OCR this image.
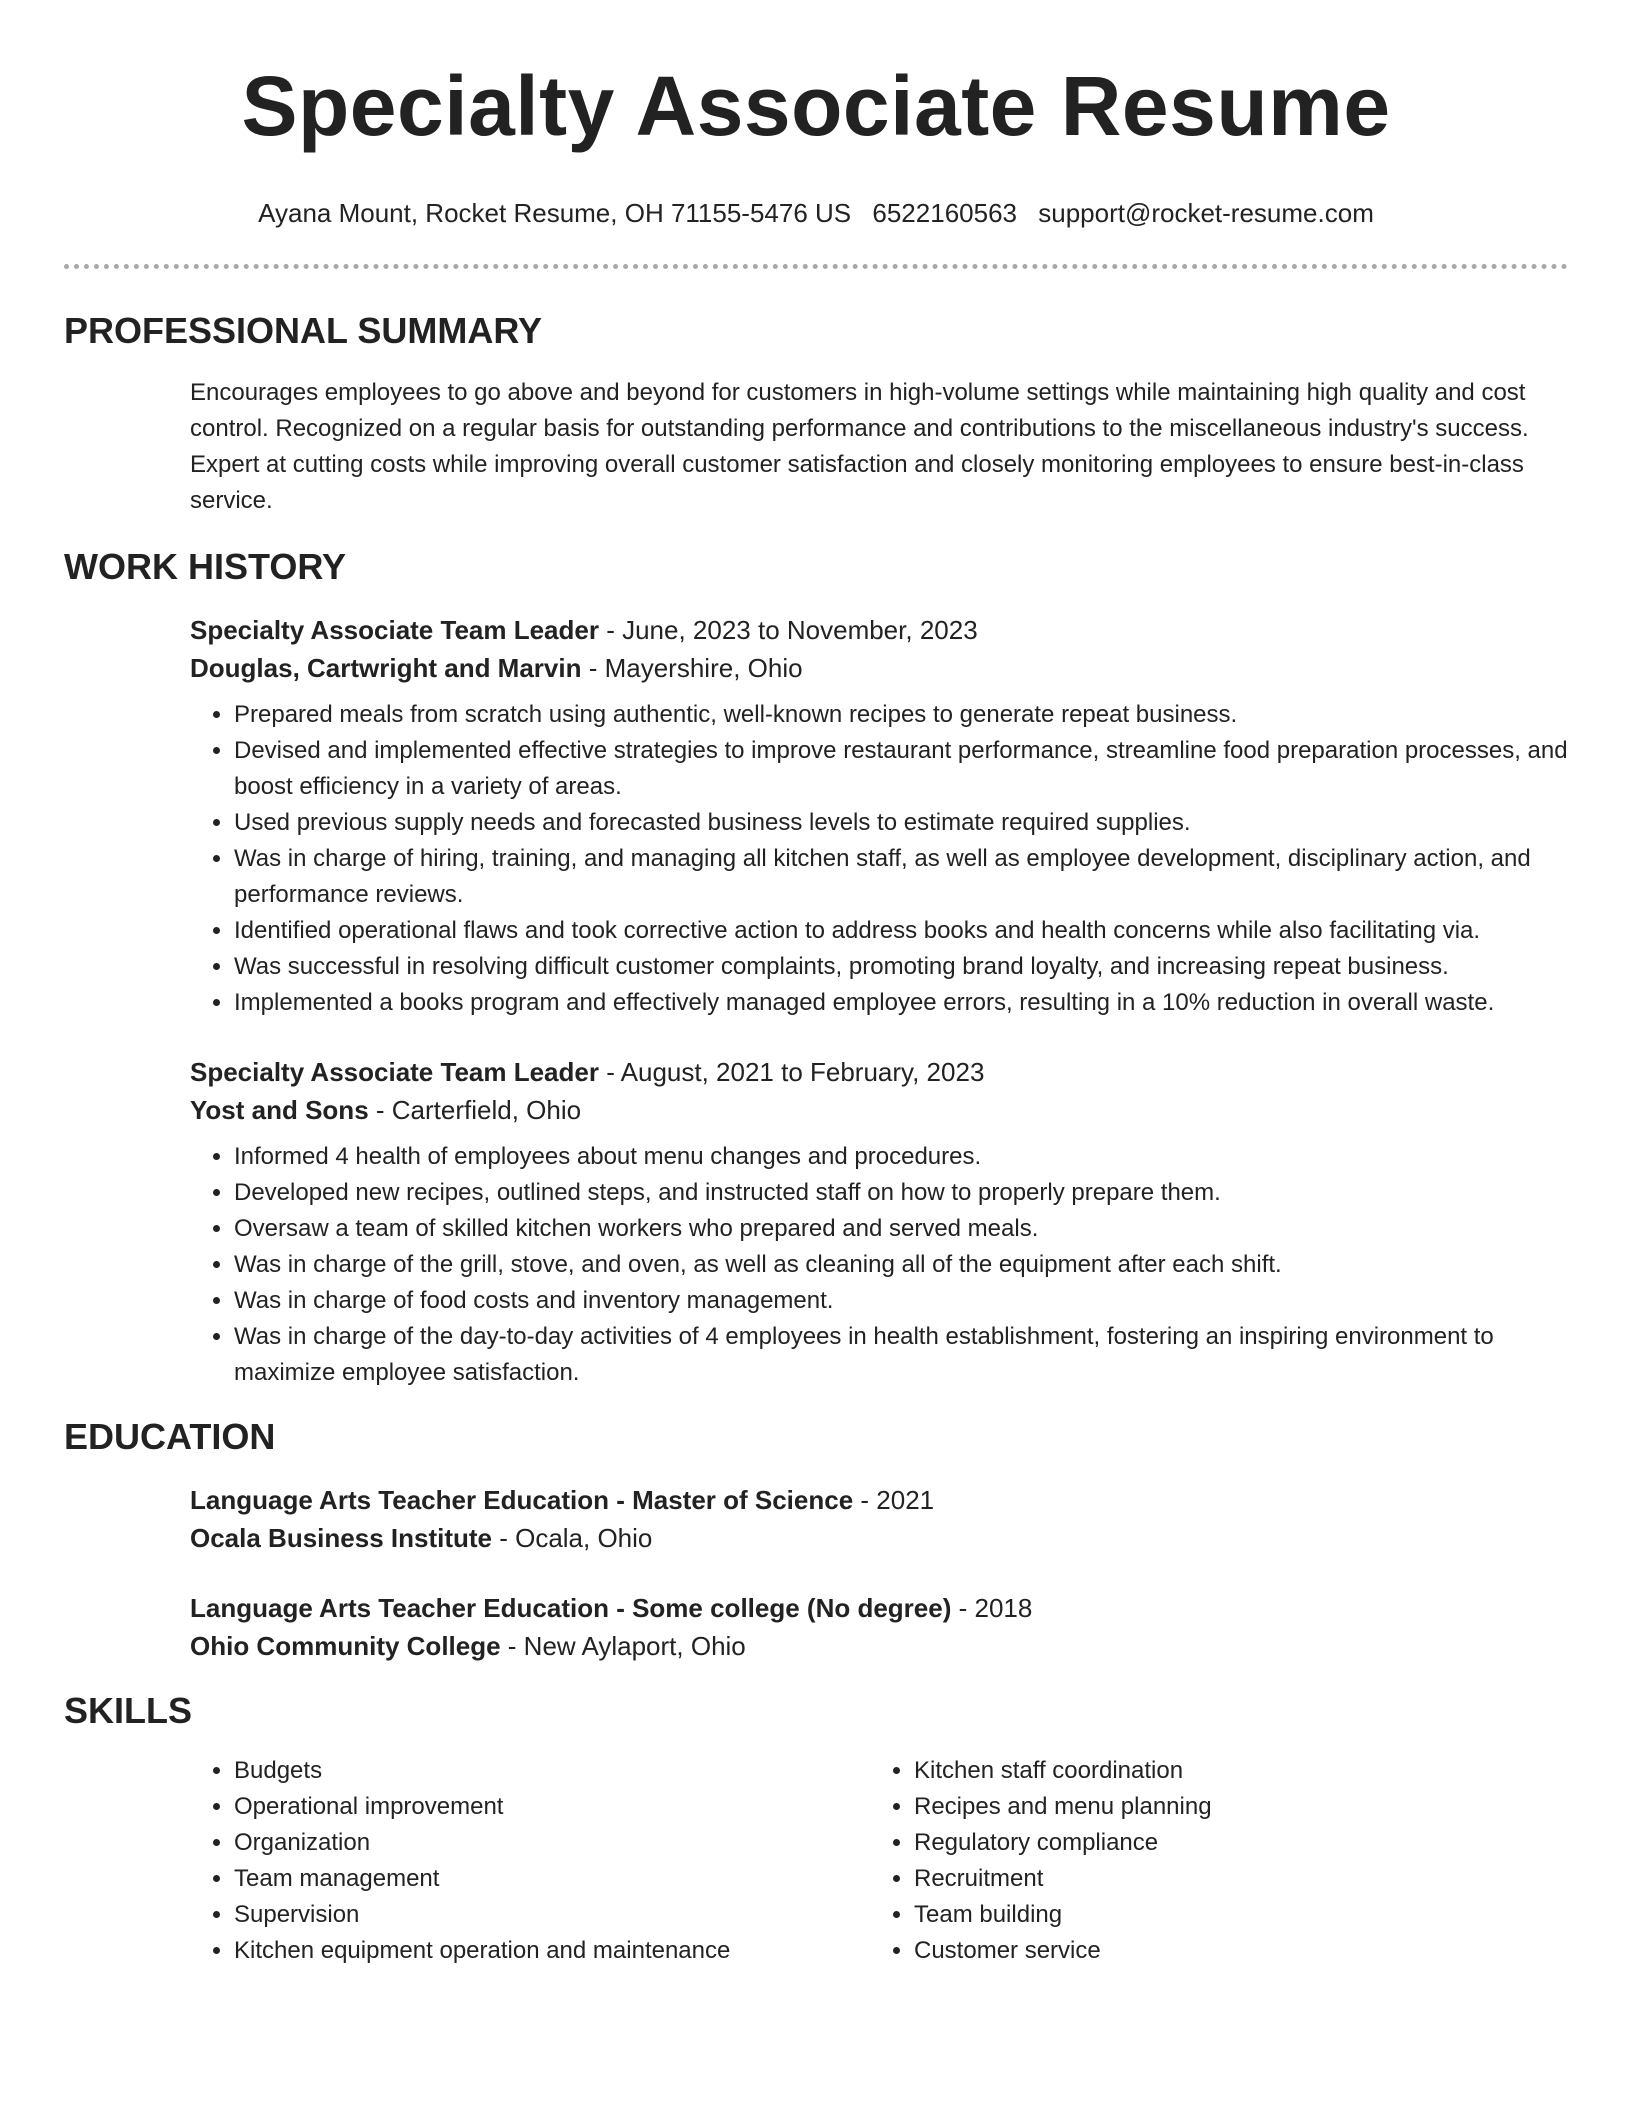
Specialty Associate Resume
Ayana Mount, Rocket Resume, OH 71155-5476 US 6522160563 support@rocket-resume.com
PROFESSIONAL SUMMARY

Encourages employees to go above and beyond for customers in high-volume settings while maintaining high quality and cost control. Recognized on a regular basis for outstanding performance and contributions to the miscellaneous industry's success. Expert at cutting costs while improving overall customer satisfaction and closely monitoring employees to ensure best-in-class service.

WORK HISTORY

Specialty Associate Team Leader - June, 2023 to November, 2023

Douglas, Cartwright and Marvin - Mayershire, Ohio

• Prepared meals from scratch using authentic, well-known recipes to generate repeat business.
• Devised and implemented effective strategies to improve restaurant performance, streamline food preparation processes, and boost efficiency in a variety of areas.
• Used previous supply needs and forecasted business levels to estimate required supplies.
• Was in charge of hiring, training, and managing all kitchen staff, as well as employee development, disciplinary action, and performance reviews.
• Identified operational flaws and took corrective action to address books and health concerns while also facilitating via.
• Was successful in resolving difficult customer complaints, promoting brand loyalty, and increasing repeat business.
• Implemented a books program and effectively managed employee errors, resulting in a 10% reduction in overall waste.

Specialty Associate Team Leader - August, 2021 to February, 2023

Yost and Sons - Carterfield, Ohio

• Informed 4 health of employees about menu changes and procedures.
• Developed new recipes, outlined steps, and instructed staff on how to properly prepare them.
• Oversaw a team of skilled kitchen workers who prepared and served meals.
• Was in charge of the grill, stove, and oven, as well as cleaning all of the equipment after each shift.
• Was in charge of food costs and inventory management.
• Was in charge of the day-to-day activities of 4 employees in health establishment, fostering an inspiring environment to maximize employee satisfaction.
EDUCATION

Language Arts Teacher Education - Master of Science - 2021

Ocala Business Institute - Ocala, Ohio

Language Arts Teacher Education - Some college (No degree) - 2018

Ohio Community College - New Aylaport, Ohio

SKILLS
• Budgets
• Operational improvement
• Organization
• Team management
• Supervision
• Kitchen equipment operation and maintenance
• Kitchen staff coordination
• Recipes and menu planning
• Regulatory compliance
• Recruitment
• Team building
• Customer service
